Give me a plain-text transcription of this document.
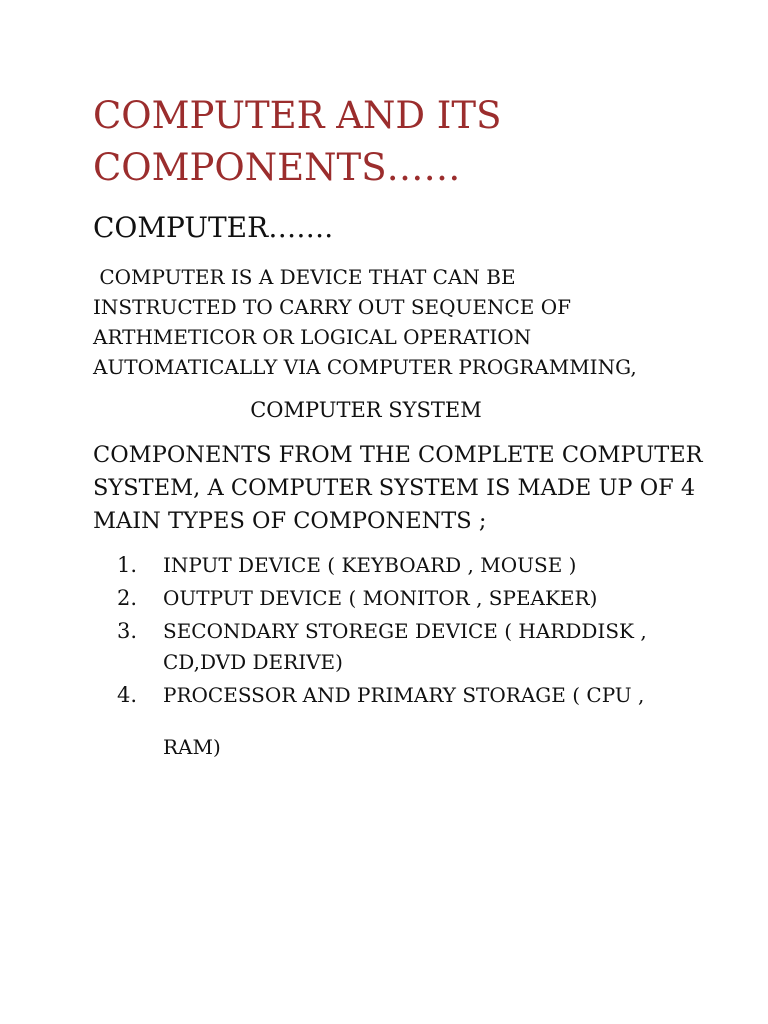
COMPUTER AND ITS
COMPONENTS……
COMPUTER…….

COMPUTER IS A DEVICE THAT CAN BE
INSTRUCTED TO CARRY OUT SEQUENCE OF
ARTHMETICOR OR LOGICAL OPERATION
AUTOMATICALLY VIA COMPUTER PROGRAMMING,

COMPUTER SYSTEM

COMPONENTS FROM THE COMPLETE COMPUTER SYSTEM, A COMPUTER SYSTEM IS MADE UP OF 4 MAIN TYPES OF COMPONENTS ;

1. INPUT DEVICE ( KEYBOARD , MOUSE )
2. OUTPUT DEVICE ( MONITOR , SPEAKER)
3. SECONDARY STOREGE DEVICE ( HARDDISK , CD,DVD DERIVE)
4. PROCESSOR AND PRIMARY STORAGE ( CPU ,
RAM)
